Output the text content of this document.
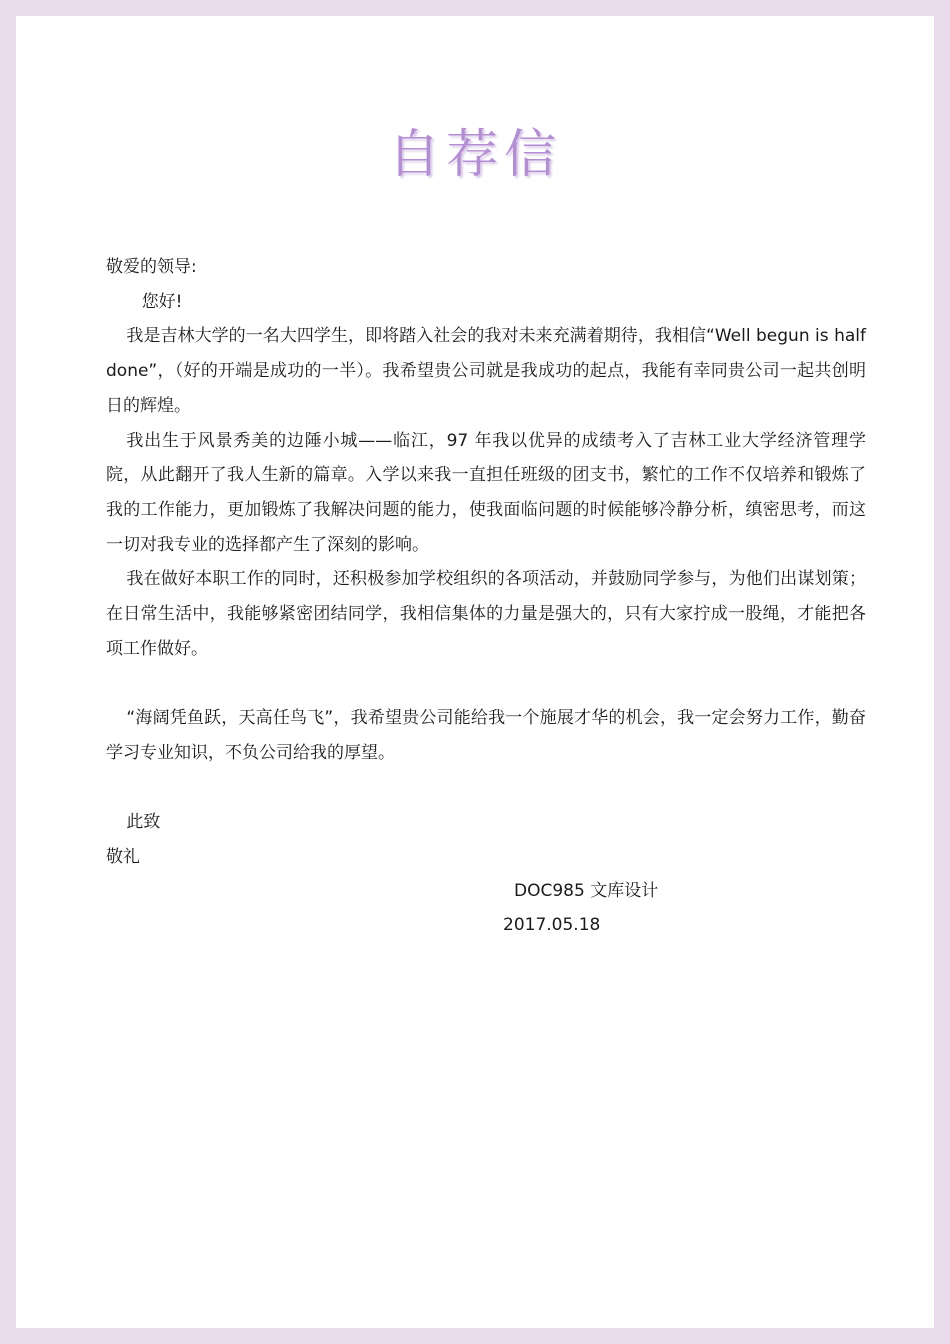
自荐信

敬爱的领导:

您好!

我是吉林大学的一名大四学生，即将踏入社会的我对未来充满着期待，我相信“Well begun is half done”，（好的开端是成功的一半）。我希望贵公司就是我成功的起点，我能有幸同贵公司一起共创明日的辉煌。

我出生于风景秀美的边陲小城——临江，97 年我以优异的成绩考入了吉林工业大学经济管理学院，从此翻开了我人生新的篇章。入学以来我一直担任班级的团支书，繁忙的工作不仅培养和锻炼了我的工作能力，更加锻炼了我解决问题的能力，使我面临问题的时候能够冷静分析，缜密思考，而这一切对我专业的选择都产生了深刻的影响。

我在做好本职工作的同时，还积极参加学校组织的各项活动，并鼓励同学参与，为他们出谋划策；在日常生活中，我能够紧密团结同学，我相信集体的力量是强大的，只有大家拧成一股绳，才能把各项工作做好。

“海阔凭鱼跃，天高任鸟飞”，我希望贵公司能给我一个施展才华的机会，我一定会努力工作，勤奋学习专业知识，不负公司给我的厚望。

此致

敬礼

DOC985 文库设计
2017.05.18
